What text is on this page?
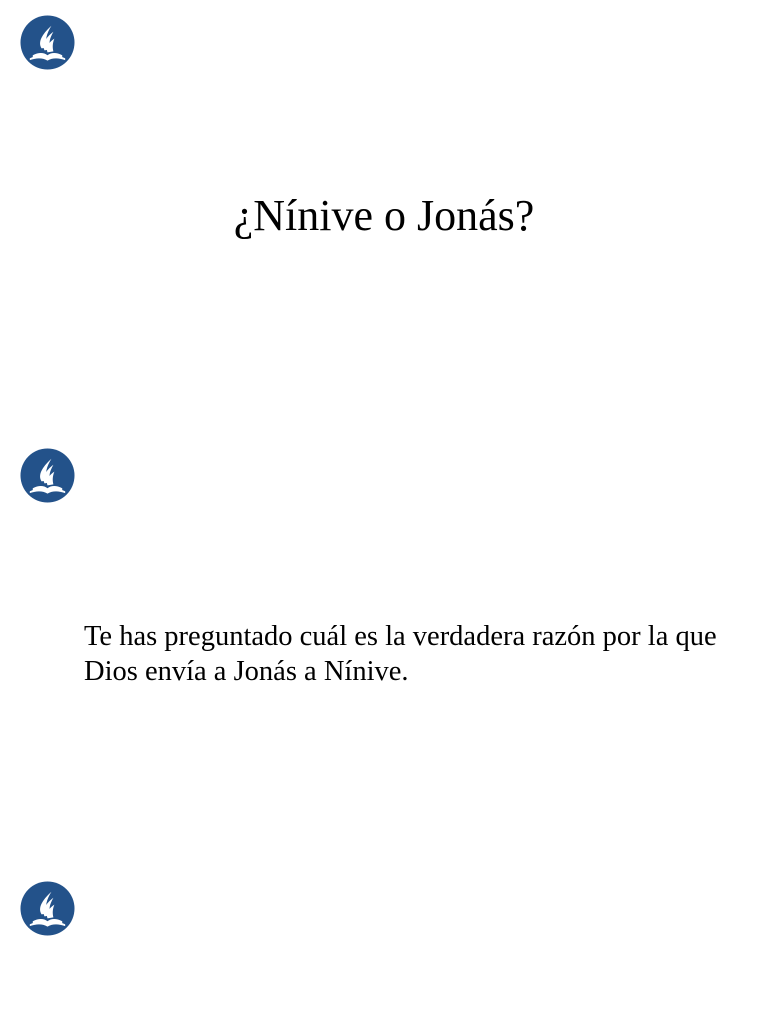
¿Nínive o Jonás?

Te has preguntado cuál es la verdadera razón por la que Dios envía a Jonás a Nínive.
